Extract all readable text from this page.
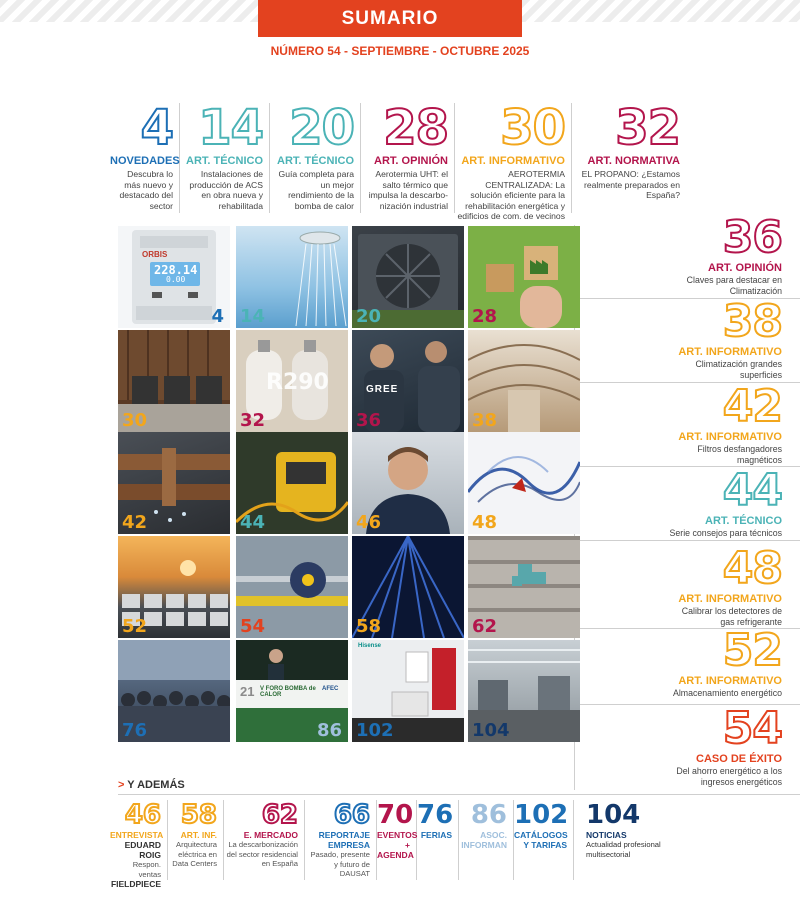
SUMARIO
NÚMERO 54 - SEPTIEMBRE - OCTUBRE 2025
4
NOVEDADES
Descubra lo más nuevo y destacado del sector
14
ART. TÉCNICO
Instalaciones de producción de ACS en obra nueva y rehabilitada
20
ART. TÉCNICO
Guía completa para un mejor rendimiento de la bomba de calor
28
ART. OPINIÓN
Aerotermia UHT: el salto térmico que impulsa la descarbo-nización industrial
30
ART. INFORMATIVO
AEROTERMIA CENTRALIZADA: La solución eficiente para la rehabilitación energética y edificios de com. de vecinos
32
ART. NORMATIVA
EL PROPANO: ¿Estamos realmente preparados en España?
36
ART. OPINIÓN
Claves para destacar en Climatización
38
ART. INFORMATIVO
Climatización grandes superficies
42
ART. INFORMATIVO
Filtros desfangadores magnéticos
44
ART. TÉCNICO
Serie consejos para técnicos
48
ART. INFORMATIVO
Calibrar los detectores de gas refrigerante
52
ART. INFORMATIVO
Almacenamiento energético
54
CASO DE ÉXITO
Del ahorro energético a los ingresos energéticos
ORBIS
228.14
0.00
4 14	20	28
30
R290
32
GREE
36	38
42	44	46	48
52	54	58	62
76
21 V FORO BOMBA de CALOR
AFEC
86
Hisense
102	104
> Y ADEMÁS
46
ENTREVISTA
EDUARD ROIG
Respon. ventas
FIELDPIECE
58
ART. INF.
Arquitectura eléctrica en Data Centers
62
E. MERCADO
La descarbonización del sector residencial en España
66
REPORTAJE EMPRESA
Pasado, presente y futuro de DAUSAT
70
EVENTOS + AGENDA
76
FERIAS
86
ASOC. INFORMAN
102
CATÁLOGOS Y TARIFAS
104
NOTICIAS
Actualidad profesional multisectorial
